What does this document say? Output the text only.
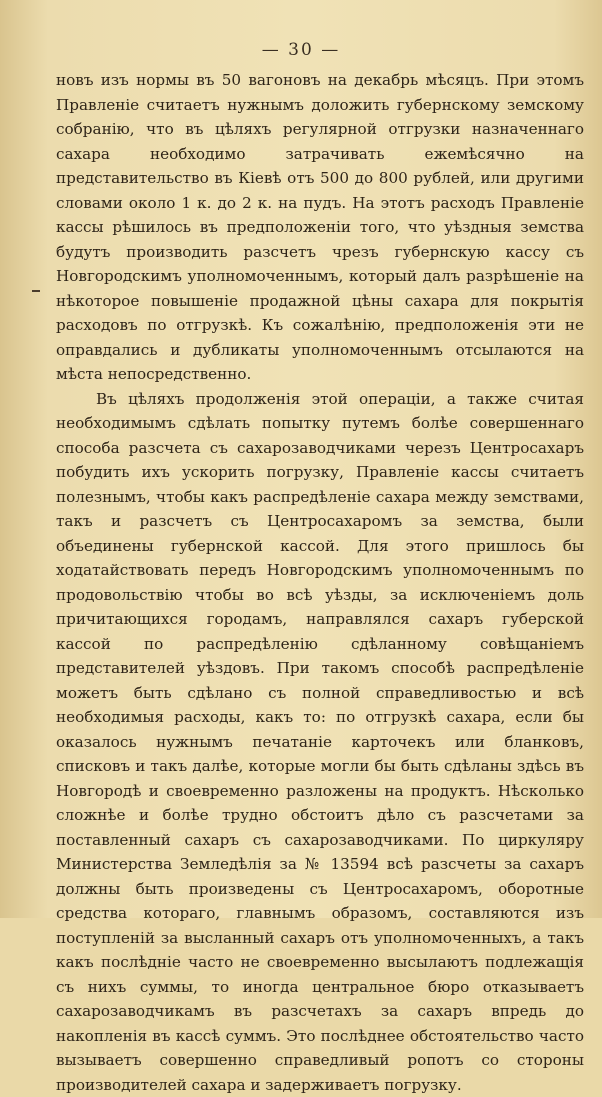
— 30 —

новъ изъ нормы въ 50 вагоновъ на декабрь мѣсяцъ. При этомъ Правленіе считаетъ нужнымъ доложить губернскому земскому собранію, что въ цѣляхъ регулярной отгрузки назначеннаго сахара необходимо затрачивать ежемѣсячно на представительство въ Кіевѣ отъ 500 до 800 рублей, или другими словами около 1 к. до 2 к. на пудъ. На этотъ расходъ Правленіе кассы рѣшилось въ предположеніи того, что уѣздныя земства будутъ производить разсчетъ чрезъ губернскую кассу съ Новгородскимъ уполномоченнымъ, который далъ разрѣшеніе на нѣкоторое повышеніе продажной цѣны сахара для покрытія расходовъ по отгрузкѣ. Къ сожалѣнію, предположенія эти не оправдались и дубликаты уполномоченнымъ отсылаются на мѣста непосредственно.

Въ цѣляхъ продолженія этой операціи, а также считая необходимымъ сдѣлать попытку путемъ болѣе совершеннаго способа разсчета съ сахарозаводчиками черезъ Центросахаръ побудить ихъ ускорить погрузку, Правленіе кассы считаетъ полезнымъ, чтобы какъ распредѣленіе сахара между земствами, такъ и разсчетъ съ Центросахаромъ за земства, были объединены губернской кассой. Для этого пришлось бы ходатайствовать передъ Новгородскимъ уполномоченнымъ по продовольствію чтобы во всѣ уѣзды, за исключеніемъ доль причитающихся городамъ, направлялся сахаръ губерской кассой по распредѣленію сдѣланному совѣщаніемъ представителей уѣздовъ. При такомъ способѣ распредѣленіе можетъ быть сдѣлано съ полной справедливостью и всѣ необходимыя расходы, какъ то: по отгрузкѣ сахара, если бы оказалось нужнымъ печатаніе карточекъ или бланковъ, списковъ и такъ далѣе, которые могли бы быть сдѣланы здѣсь въ Новгородѣ и своевременно разложены на продуктъ. Нѣсколько сложнѣе и болѣе трудно обстоитъ дѣло съ разсчетами за поставленный сахаръ съ сахарозаводчиками. По циркуляру Министерства Земледѣлія за № 13594 всѣ разсчеты за сахаръ должны быть произведены съ Центросахаромъ, оборотные средства котораго, главнымъ образомъ, составляются изъ поступленій за высланный сахаръ отъ уполномоченныхъ, а такъ какъ послѣдніе часто не своевременно высылаютъ подлежащія съ нихъ суммы, то иногда центральное бюро отказываетъ сахарозаводчикамъ въ разсчетахъ за сахаръ впредь до накопленія въ кассѣ суммъ. Это послѣднее обстоятельство часто вызываетъ совершенно справедливый ропотъ со стороны производителей сахара и задерживаетъ погрузку.
